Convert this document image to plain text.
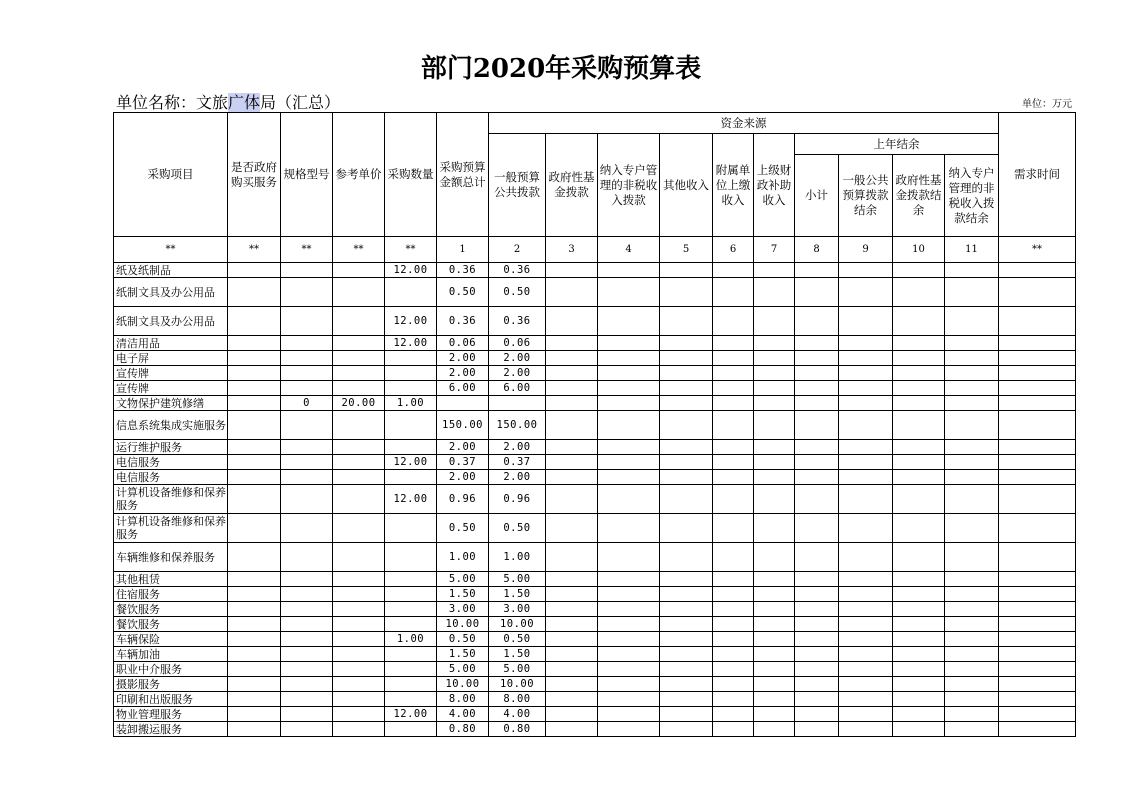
部门2020年采购预算表
单位名称：文旅广体局（汇总）	单位：万元
采购项目	是否政府购买服务	规格型号	参考单价	采购数量	采购预算金额总计	资金来源										需求时间
						一般预算公共拨款	政府性基金拨款	纳入专户管理的非税收入拨款	其他收入	附属单位上缴收入	上级财政补助收入	上年结余				
												小计	一般公共预算拨款结余	政府性基金拨款结余	纳入专户管理的非税收入拨款结余	
**	**	**	**	**	1	2	3	4	5	6	7	8	9	10	11	**
纸及纸制品				12.00	0.36	0.36										
纸制文具及办公用品					0.50	0.50										
纸制文具及办公用品				12.00	0.36	0.36										
清洁用品				12.00	0.06	0.06										
电子屏					2.00	2.00										
宣传牌					2.00	2.00										
宣传牌					6.00	6.00										
文物保护建筑修缮		0	20.00	1.00												
信息系统集成实施服务					150.00	150.00										
运行维护服务					2.00	2.00										
电信服务				12.00	0.37	0.37										
电信服务					2.00	2.00										
计算机设备维修和保养服务				12.00	0.96	0.96										
计算机设备维修和保养服务					0.50	0.50										
车辆维修和保养服务					1.00	1.00										
其他租赁					5.00	5.00										
住宿服务					1.50	1.50										
餐饮服务					3.00	3.00										
餐饮服务					10.00	10.00										
车辆保险				1.00	0.50	0.50										
车辆加油					1.50	1.50										
职业中介服务					5.00	5.00										
摄影服务					10.00	10.00										
印刷和出版服务					8.00	8.00										
物业管理服务				12.00	4.00	4.00										
装卸搬运服务					0.80	0.80										
